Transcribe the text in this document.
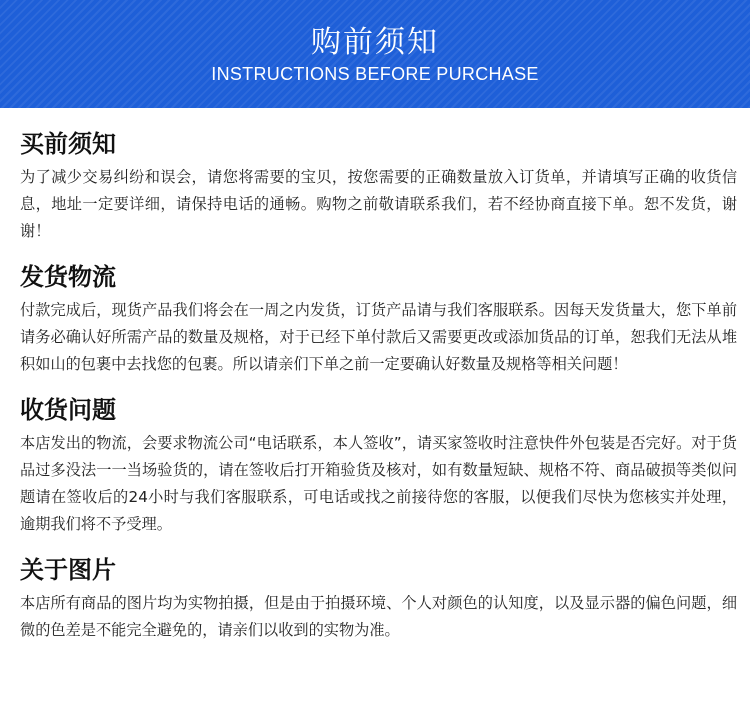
购前须知
INSTRUCTIONS BEFORE PURCHASE
买前须知

为了减少交易纠纷和误会，请您将需要的宝贝，按您需要的正确数量放入订货单，并请填写正确的收货信息，地址一定要详细，请保持电话的通畅。购物之前敬请联系我们，若不经协商直接下单。恕不发货，谢谢！

发货物流

付款完成后，现货产品我们将会在一周之内发货，订货产品请与我们客服联系。因每天发货量大，您下单前请务必确认好所需产品的数量及规格，对于已经下单付款后又需要更改或添加货品的订单，恕我们无法从堆积如山的包裹中去找您的包裹。所以请亲们下单之前一定要确认好数量及规格等相关问题！

收货问题

本店发出的物流，会要求物流公司“电话联系，本人签收”，请买家签收时注意快件外包装是否完好。对于货品过多没法一一当场验货的，请在签收后打开箱验货及核对，如有数量短缺、规格不符、商品破损等类似问题请在签收后的24小时与我们客服联系，可电话或找之前接待您的客服，以便我们尽快为您核实并处理，逾期我们将不予受理。

关于图片

本店所有商品的图片均为实物拍摄，但是由于拍摄环境、个人对颜色的认知度，以及显示器的偏色问题，细微的色差是不能完全避免的，请亲们以收到的实物为准。
